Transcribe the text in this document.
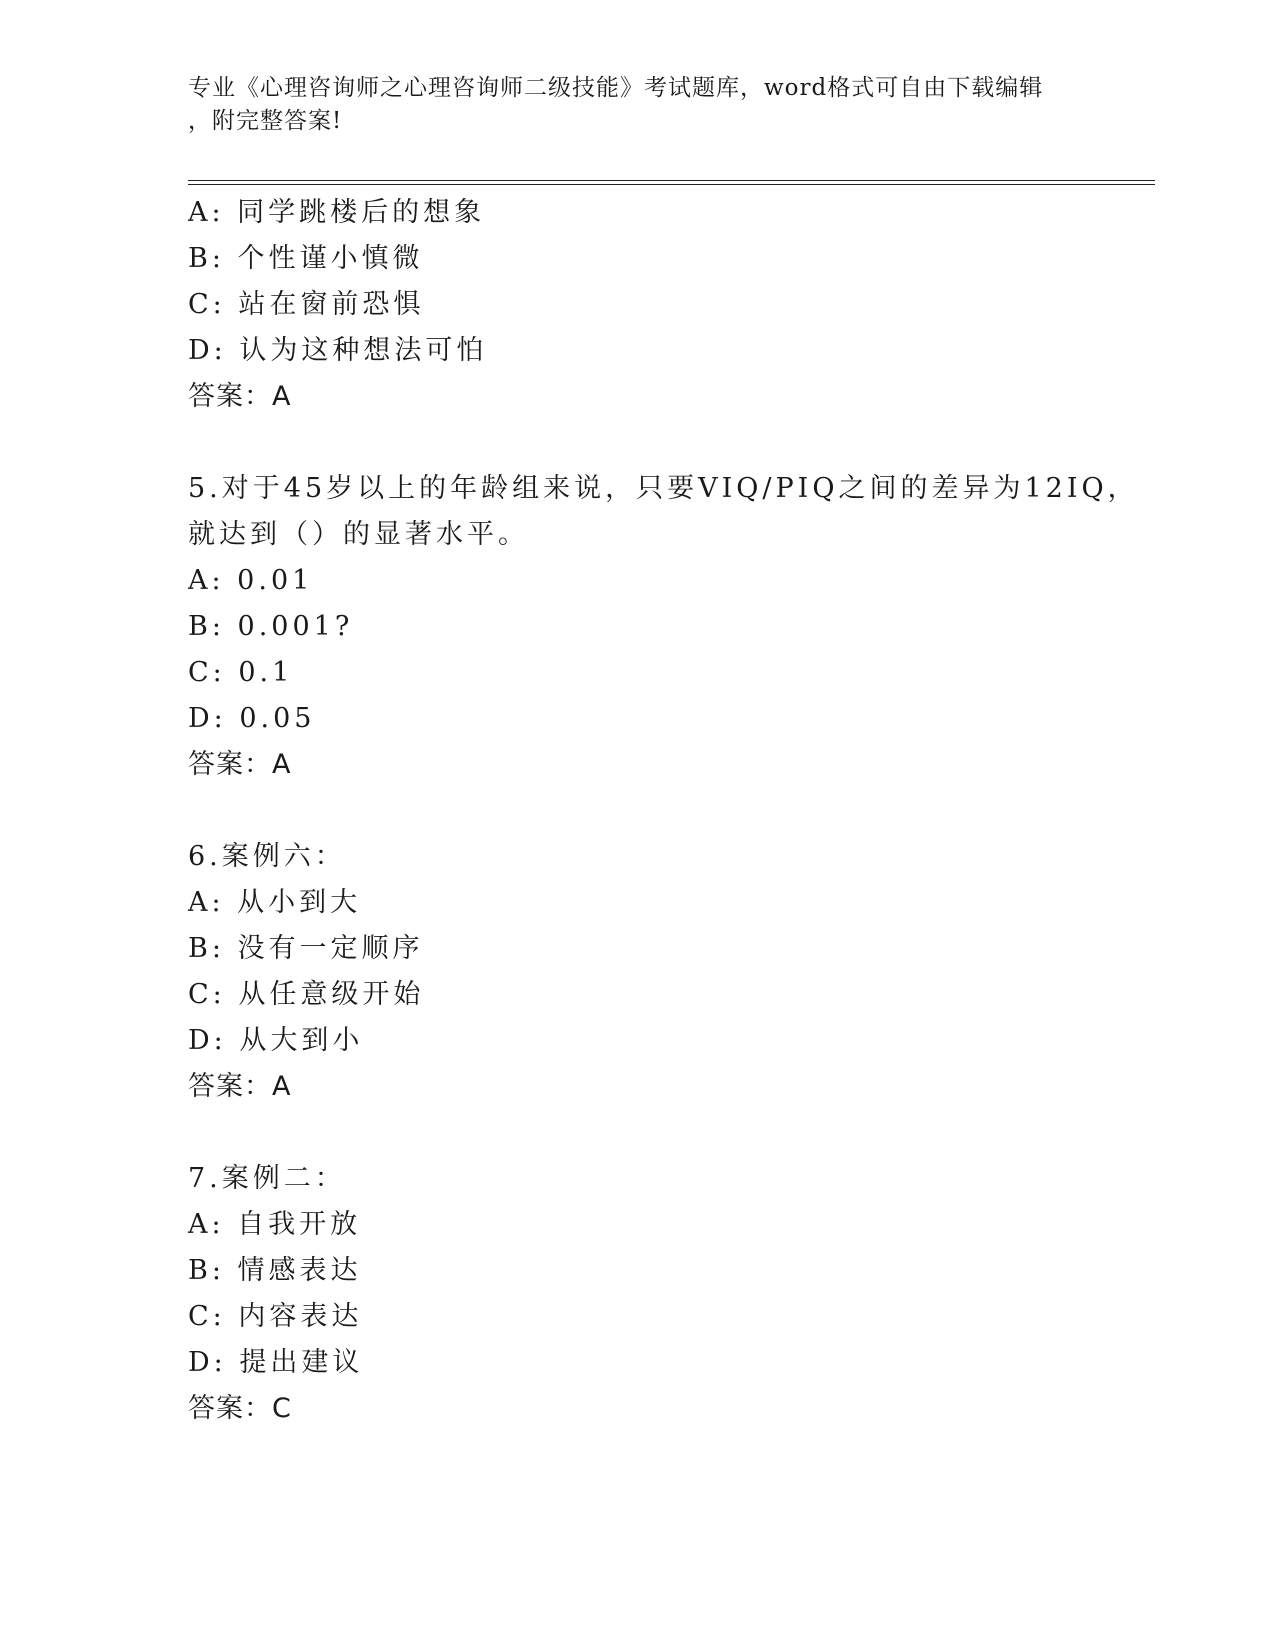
专业《心理咨询师之心理咨询师二级技能》考试题库，word格式可自由下载编辑
，附完整答案!
A: 同学跳楼后的想象
B: 个性谨小慎微
C: 站在窗前恐惧
D: 认为这种想法可怕
答案：A
5.对于45岁以上的年龄组来说，只要VIQ/PIQ之间的差异为12IQ，
就达到（）的显著水平。
A: 0.01
B: 0.001?
C: 0.1
D: 0.05
答案：A
6.案例六：
A: 从小到大
B: 没有一定顺序
C: 从任意级开始
D: 从大到小
答案：A
7.案例二：
A: 自我开放
B: 情感表达
C: 内容表达
D: 提出建议
答案：C
